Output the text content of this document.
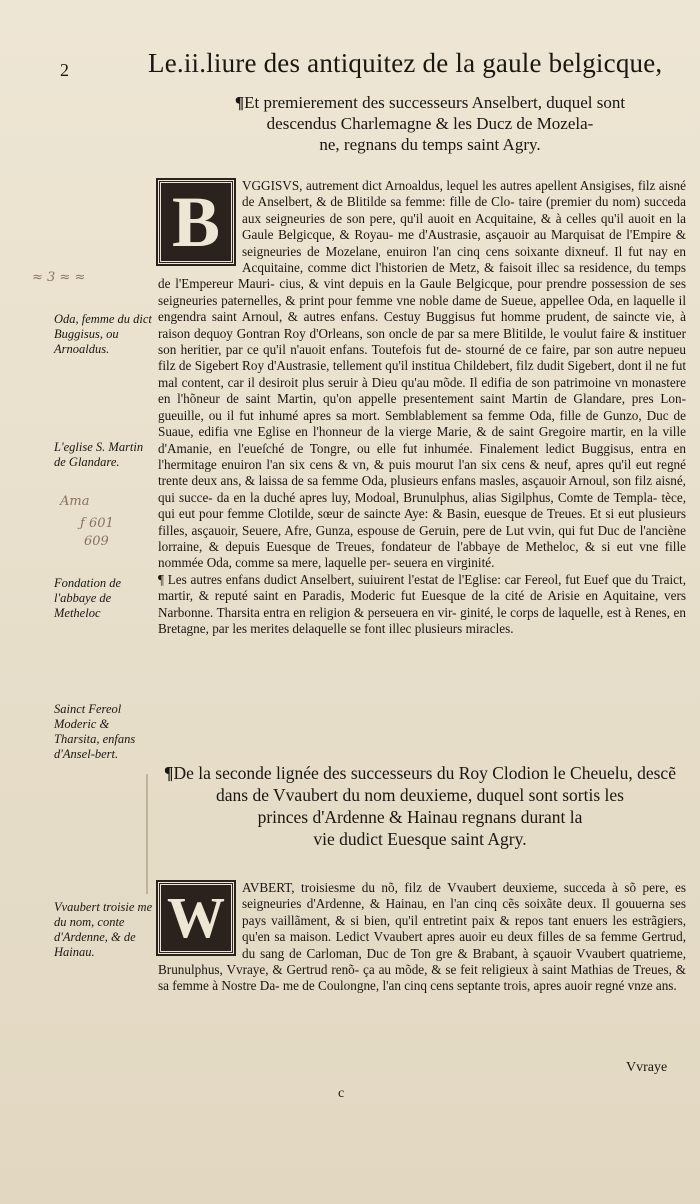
2	Le.ii.liure des antiquitez de la gaule belgicque,
¶Et premierement des successeurs Anselbert, duquel sont
descendus Charlemagne & les Ducz de Mozela-
ne, regnans du temps saint Agry.
B	VGGISVS, autrement dict Arnoaldus, lequel les autres apellent Ansigises, filz aisné de Anselbert, & de Blitilde sa femme: fille de Clo- taire (premier du nom) succeda aux seigneuries de son pere, qu'il auoit en Acquitaine, & à celles qu'il auoit en la Gaule Belgicque, & Royau- me d'Austrasie, asçauoir au Marquisat de l'Empire & seigneuries de Mozelane, enuiron l'an cinq cens soixante dixneuf. Il fut nay en Acquitaine, comme dict l'historien de Metz, & faisoit illec sa residence, du temps de l'Empereur Mauri- cius, & vint depuis en la Gaule Belgicque, pour prendre possession de ses seigneuries paternelles, & print pour femme vne noble dame de Sueue, appellee Oda, en laquelle il engendra saint Arnoul, & autres enfans. Cestuy Buggisus fut homme prudent, de saincte vie, à raison dequoy Gontran Roy d'Orleans, son oncle de par sa mere Blitilde, le voulut faire & instituer son heritier, par ce qu'il n'auoit enfans. Toutefois fut de- stourné de ce faire, par son autre nepueu filz de Sigebert Roy d'Austrasie, tellement qu'il institua Childebert, filz dudit Sigebert, dont il ne fut mal content, car il desiroit plus seruir à Dieu qu'au mõde. Il edifia de son patrimoine vn monastere en l'hõneur de saint Martin, qu'on appelle presentement saint Martin de Glandare, pres Lon- gueuille, ou il fut inhumé apres sa mort. Semblablement sa femme Oda, fille de Gunzo, Duc de Suaue, edifia vne Eglise en l'honneur de la vierge Marie, & de saint Gregoire martir, en la ville d'Amanie, en l'eueſché de Tongre, ou elle fut inhumée. Finalement ledict Buggisus, entra en l'hermitage enuiron l'an six cens & vn, & puis mourut l'an six cens & neuf, apres qu'il eut regné trente deux ans, & laissa de sa femme Oda, plusieurs enfans masles, asçauoir Arnoul, son filz aisné, qui succe- da en la duché apres luy, Modoal, Brunulphus, alias Sigilphus, Comte de Templa- tèce, qui eut pour femme Clotilde, sœur de saincte Aye: & Basin, euesque de Treues. Et si eut plusieurs filles, asçauoir, Seuere, Afre, Gunza, espouse de Geruin, pere de Lut vvin, qui fut Duc de l'anciène lorraine, & depuis Euesque de Treues, fondateur de l'abbaye de Metheloc, & si eut vne fille nommée Oda, comme sa mere, laquelle per- seuera en virginité.

¶ Les autres enfans dudict Anselbert, suiuirent l'estat de l'Eglise: car Fereol, fut Euef que du Traict, martir, & reputé saint en Paradis, Moderic fut Euesque de la cité de Arisie en Aquitaine, vers Narbonne. Tharsita entra en religion & perseuera en vir- ginité, le corps de laquelle, est à Renes, en Bretagne, par les merites delaquelle se font illec plusieurs miracles.

¶De la seconde lignée des successeurs du Roy Clodion le Cheuelu, descẽ
dans de Vvaubert du nom deuxieme, duquel sont sortis les
princes d'Ardenne & Hainau regnans durant la
vie dudict Euesque saint Agry.
W	AVBERT, troisiesme du nõ, filz de Vvaubert deuxieme, succeda à sõ pere, es seigneuries d'Ardenne, & Hainau, en l'an cinq cẽs soixãte deux. Il gouuerna ses pays vaillãment, & si bien, qu'il entretint paix & repos tant enuers les estrãgiers, qu'en sa maison. Ledict Vvaubert apres auoir eu deux filles de sa femme Gertrud, du sang de Carloman, Duc de Ton gre & Brabant, à sçauoir Vvaubert quatrieme, Brunulphus, Vvraye, & Gertrud renõ- ça au mõde, & se feit religieux à saint Mathias de Treues, & sa femme à Nostre Da- me de Coulongne, l'an cinq cens septante trois, apres auoir regné vnze ans.

Vvraye
c
Oda, femme du dict Buggisus, ou Arnoaldus.
L'eglise S. Martin de Glandare.
Fondation de l'abbaye de Metheloc
Sainct Fereol Moderic & Tharsita, enfans d'Ansel-bert.
Vvaubert troisie me du nom, conte d'Ardenne, & de Hainau.
≈ 3 ≈ ≈
Ama
ƒ 601
609
